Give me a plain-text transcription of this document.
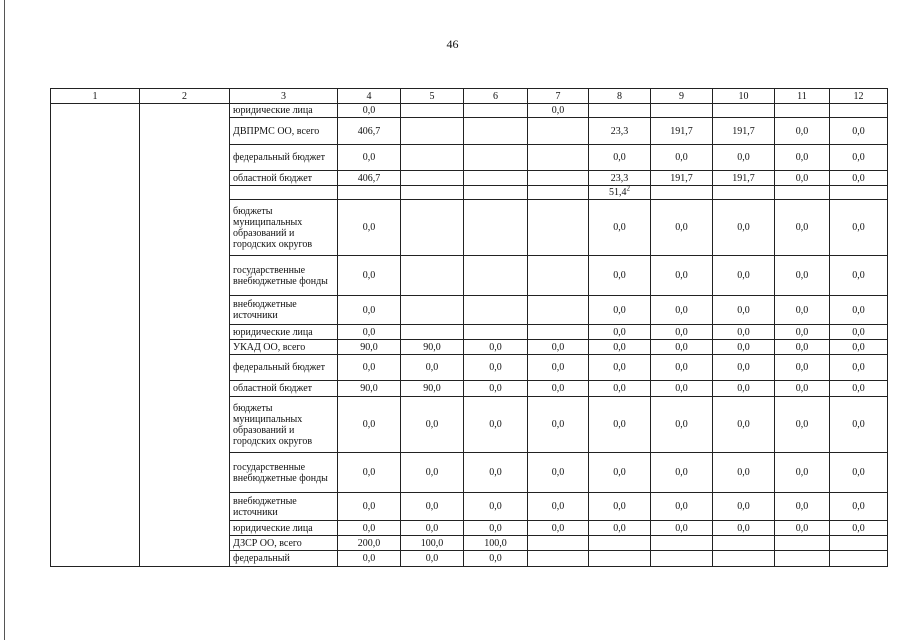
46
1	2	3	4	5	6	7	8	9	10	11	12
		юридические лица	0,0			0,0					
		ДВПРМС ОО, всего	406,7				23,3	191,7	191,7	0,0	0,0
		федеральный бюджет	0,0				0,0	0,0	0,0	0,0	0,0
		областной бюджет	406,7				23,3	191,7	191,7	0,0	0,0
							51,4$^2$				
		бюджеты муниципальных образований и городских округов	0,0				0,0	0,0	0,0	0,0	0,0
		государственные внебюджетные фонды	0,0				0,0	0,0	0,0	0,0	0,0
		внебюджетные источники	0,0				0,0	0,0	0,0	0,0	0,0
		юридические лица	0,0				0,0	0,0	0,0	0,0	0,0
		УКАД ОО, всего	90,0	90,0	0,0	0,0	0,0	0,0	0,0	0,0	0,0
		федеральный бюджет	0,0	0,0	0,0	0,0	0,0	0,0	0,0	0,0	0,0
		областной бюджет	90,0	90,0	0,0	0,0	0,0	0,0	0,0	0,0	0,0
		бюджеты муниципальных образований и городских округов	0,0	0,0	0,0	0,0	0,0	0,0	0,0	0,0	0,0
		государственные внебюджетные фонды	0,0	0,0	0,0	0,0	0,0	0,0	0,0	0,0	0,0
		внебюджетные источники	0,0	0,0	0,0	0,0	0,0	0,0	0,0	0,0	0,0
		юридические лица	0,0	0,0	0,0	0,0	0,0	0,0	0,0	0,0	0,0
		ДЗСР ОО, всего	200,0	100,0	100,0						
		федеральный	0,0	0,0	0,0						
